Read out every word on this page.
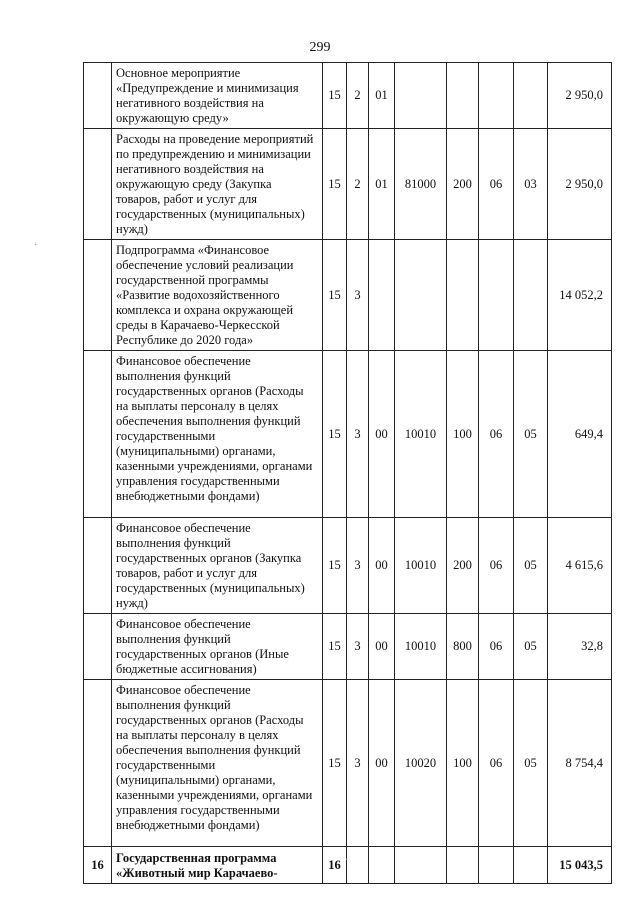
299
	Основное мероприятие «Предупреждение и минимизация негативного воздействия на окружающую среду»	15	2	01					2 950,0
	Расходы на проведение мероприятий по предупреждению и минимизации негативного воздействия на окружающую среду (Закупка товаров, работ и услуг для государственных (муниципальных) нужд)	15	2	01	81000	200	06	03	2 950,0
	Подпрограмма «Финансовое обеспечение условий реализации государственной программы «Развитие водохозяйственного комплекса и охрана окружающей среды в Карачаево-Черкесской Республике до 2020 года»	15	3						14 052,2
	Финансовое обеспечение выполнения функций государственных органов (Расходы на выплаты персоналу в целях обеспечения выполнения функций государственными (муниципальными) органами, казенными учреждениями, органами управления государственными внебюджетными фондами)	15	3	00	10010	100	06	05	649,4
	Финансовое обеспечение выполнения функций государственных органов (Закупка товаров, работ и услуг для государственных (муниципальных) нужд)	15	3	00	10010	200	06	05	4 615,6
	Финансовое обеспечение выполнения функций государственных органов (Иные бюджетные ассигнования)	15	3	00	10010	800	06	05	32,8
	Финансовое обеспечение выполнения функций государственных органов (Расходы на выплаты персоналу в целях обеспечения выполнения функций государственными (муниципальными) органами, казенными учреждениями, органами управления государственными внебюджетными фондами)	15	3	00	10020	100	06	05	8 754,4
16	Государственная программа «Животный мир Карачаево-	16							15 043,5
·
·
